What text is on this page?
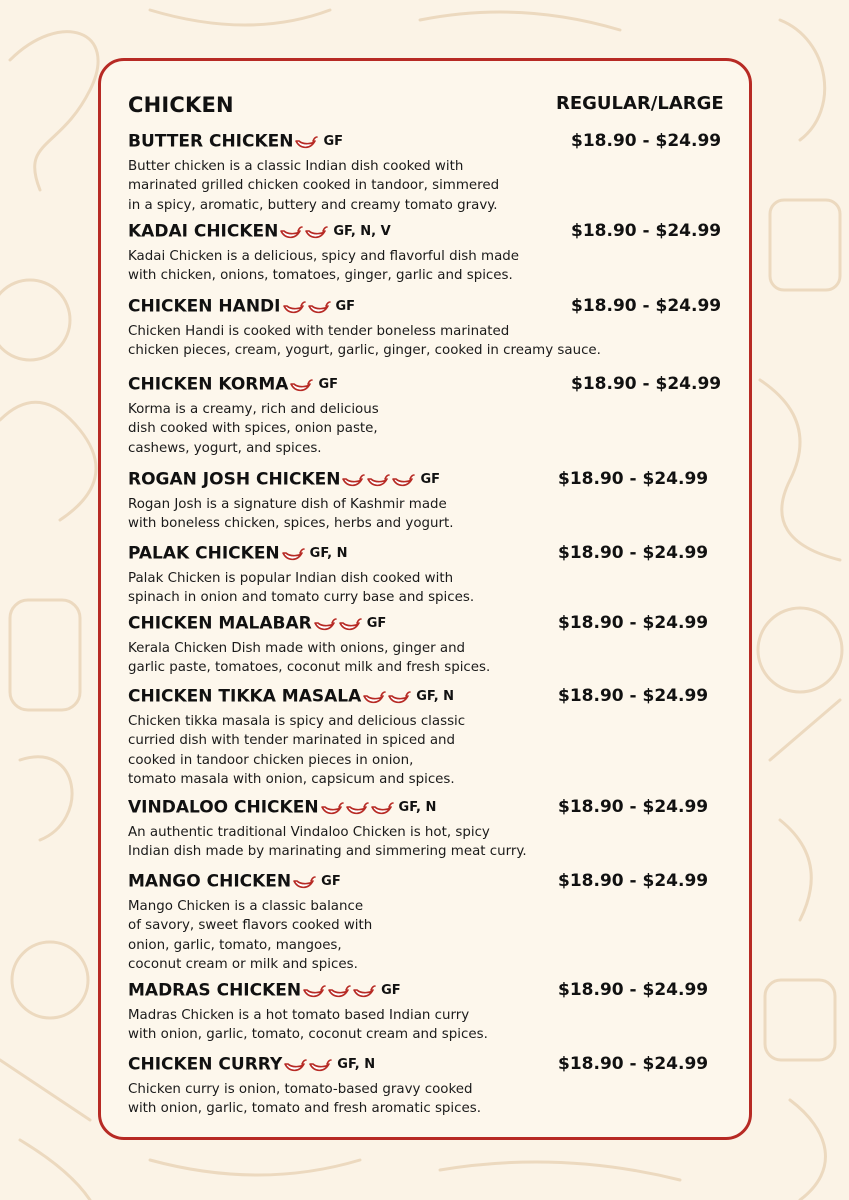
CHICKEN	REGULAR/LARGE
BUTTER CHICKEN GF	$18.90 - $24.99
Butter chicken is a classic Indian dish cooked with
marinated grilled chicken cooked in tandoor, simmered
in a spicy, aromatic, buttery and creamy tomato gravy.
KADAI CHICKEN	GF, N, V	$18.90 - $24.99
Kadai Chicken is a delicious, spicy and flavorful dish made
with chicken, onions, tomatoes, ginger, garlic and spices.
CHICKEN HANDI	GF	$18.90 - $24.99
Chicken Handi is cooked with tender boneless marinated
chicken pieces, cream, yogurt, garlic, ginger, cooked in creamy sauce.
CHICKEN KORMA GF	$18.90 - $24.99
Korma is a creamy, rich and delicious
dish cooked with spices, onion paste,
cashews, yogurt, and spices.
ROGAN JOSH CHICKEN	GF	$18.90 - $24.99
Rogan Josh is a signature dish of Kashmir made
with boneless chicken, spices, herbs and yogurt.
PALAK CHICKEN GF, N	$18.90 - $24.99
Palak Chicken is popular Indian dish cooked with
spinach in onion and tomato curry base and spices.
CHICKEN MALABAR	GF	$18.90 - $24.99
Kerala Chicken Dish made with onions, ginger and
garlic paste, tomatoes, coconut milk and fresh spices.
CHICKEN TIKKA MASALA	GF, N	$18.90 - $24.99
Chicken tikka masala is spicy and delicious classic
curried dish with tender marinated in spiced and
cooked in tandoor chicken pieces in onion,
tomato masala with onion, capsicum and spices.
VINDALOO CHICKEN	GF, N	$18.90 - $24.99
An authentic traditional Vindaloo Chicken is hot, spicy
Indian dish made by marinating and simmering meat curry.
MANGO CHICKEN GF	$18.90 - $24.99
Mango Chicken is a classic balance
of savory, sweet flavors cooked with
onion, garlic, tomato, mangoes,
coconut cream or milk and spices.
MADRAS CHICKEN	GF	$18.90 - $24.99
Madras Chicken is a hot tomato based Indian curry
with onion, garlic, tomato, coconut cream and spices.
CHICKEN CURRY	GF, N	$18.90 - $24.99
Chicken curry is onion, tomato-based gravy cooked
with onion, garlic, tomato and fresh aromatic spices.
